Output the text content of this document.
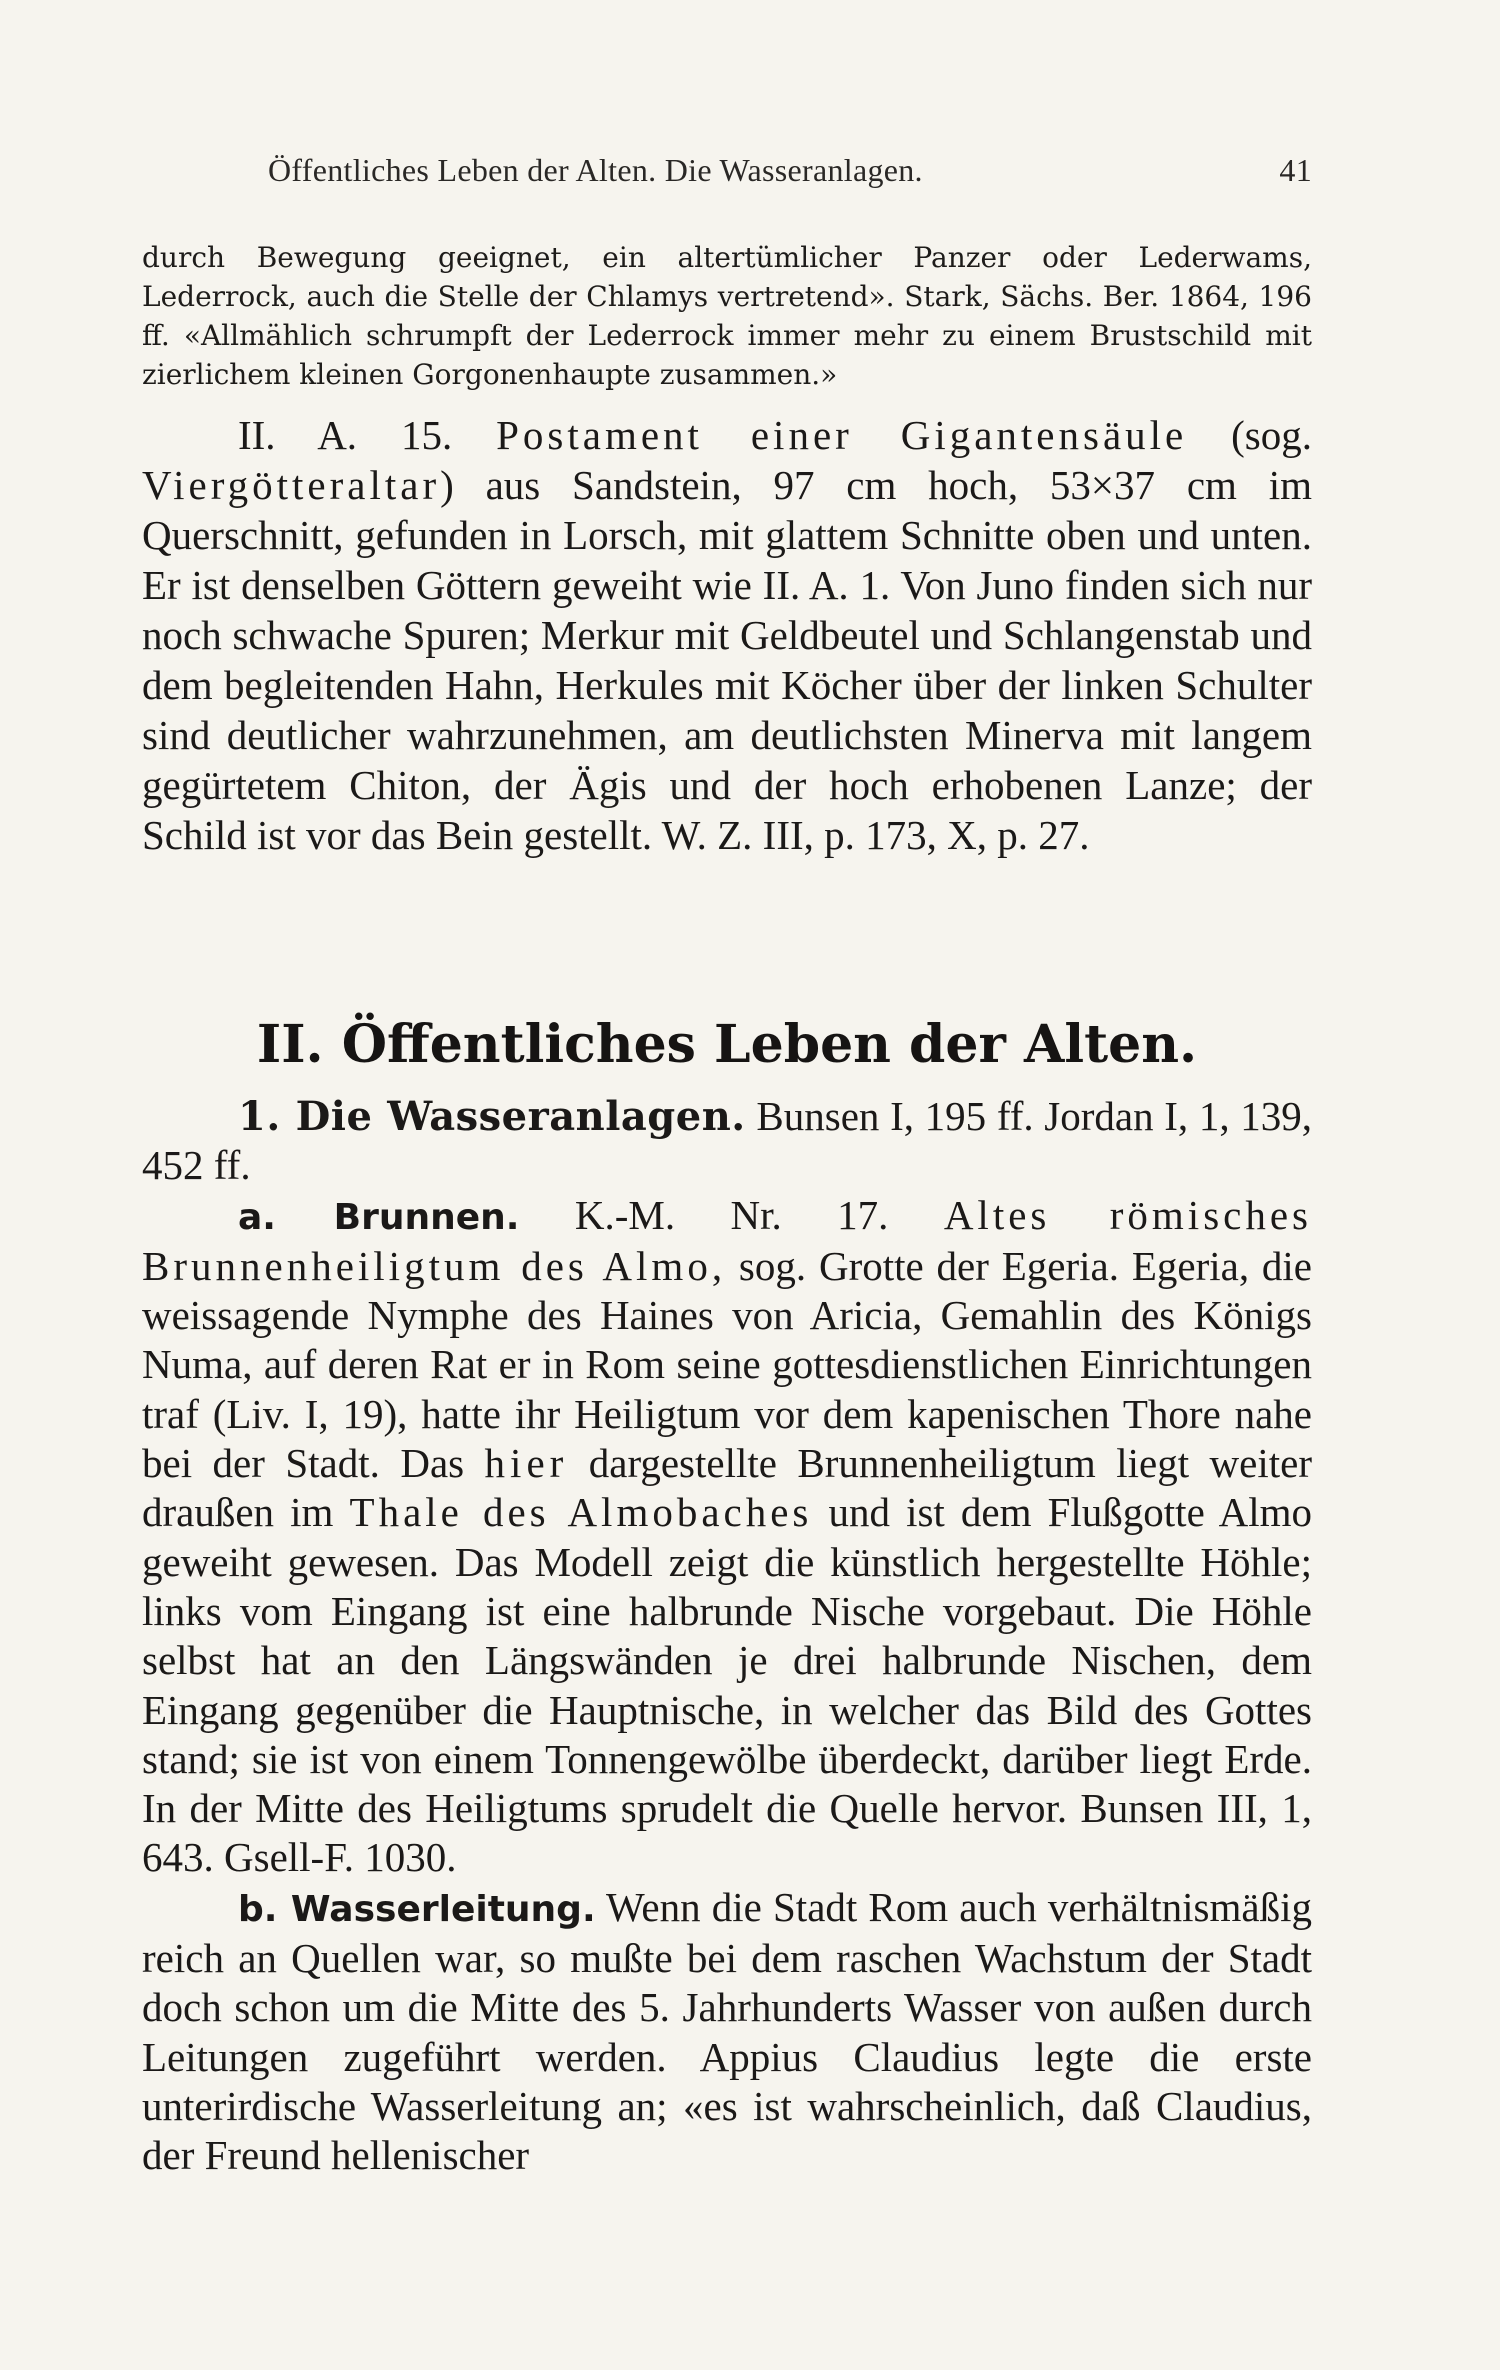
Öffentliches Leben der Alten. Die Wasseranlagen.	41

durch Bewegung geeignet, ein altertümlicher Panzer oder Lederwams, Lederrock, auch die Stelle der Chlamys vertretend». Stark, Sächs. Ber. 1864, 196 ff. «Allmählich schrumpft der Lederrock immer mehr zu einem Brustschild mit zierlichem kleinen Gorgonenhaupte zusammen.»

II. A. 15. Postament einer Gigantensäule (sog. Viergötteraltar) aus Sandstein, 97 cm hoch, 53×37 cm im Querschnitt, gefunden in Lorsch, mit glattem Schnitte oben und unten. Er ist denselben Göttern geweiht wie II. A. 1. Von Juno finden sich nur noch schwache Spuren; Merkur mit Geldbeutel und Schlangenstab und dem begleitenden Hahn, Herkules mit Köcher über der linken Schulter sind deutlicher wahrzunehmen, am deutlichsten Minerva mit langem gegürtetem Chiton, der Ägis und der hoch erhobenen Lanze; der Schild ist vor das Bein gestellt. W. Z. III, p. 173, X, p. 27.

II. Öffentliches Leben der Alten.

1. Die Wasseranlagen. Bunsen I, 195 ff. Jordan I, 1, 139, 452 ff.

a. Brunnen. K.-M. Nr. 17. Altes römisches Brunnenheiligtum des Almo, sog. Grotte der Egeria. Egeria, die weissagende Nymphe des Haines von Aricia, Gemahlin des Königs Numa, auf deren Rat er in Rom seine gottesdienstlichen Einrichtungen traf (Liv. I, 19), hatte ihr Heiligtum vor dem kapenischen Thore nahe bei der Stadt. Das hier dargestellte Brunnenheiligtum liegt weiter draußen im Thale des Almobaches und ist dem Flußgotte Almo geweiht gewesen. Das Modell zeigt die künstlich hergestellte Höhle; links vom Eingang ist eine halbrunde Nische vorgebaut. Die Höhle selbst hat an den Längswänden je drei halbrunde Nischen, dem Eingang gegenüber die Hauptnische, in welcher das Bild des Gottes stand; sie ist von einem Tonnengewölbe überdeckt, darüber liegt Erde. In der Mitte des Heiligtums sprudelt die Quelle hervor. Bunsen III, 1, 643. Gsell-F. 1030.

b. Wasserleitung. Wenn die Stadt Rom auch verhältnismäßig reich an Quellen war, so mußte bei dem raschen Wachstum der Stadt doch schon um die Mitte des 5. Jahrhunderts Wasser von außen durch Leitungen zugeführt werden. Appius Claudius legte die erste unterirdische Wasserleitung an; «es ist wahrscheinlich, daß Claudius, der Freund hellenischer
